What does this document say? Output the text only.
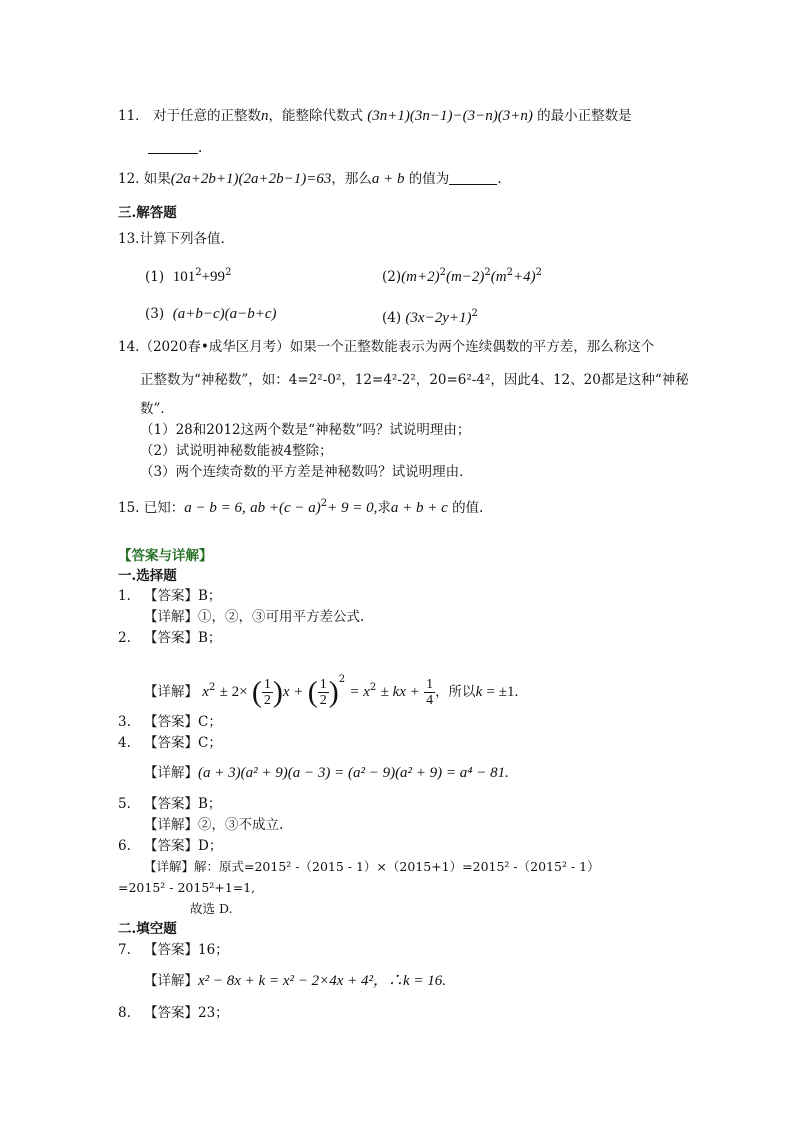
11． 对于任意的正整数n，能整除代数式 (3n+1)(3n−1)−(3−n)(3+n) 的最小正整数是
.
12. 如果(2a+2b+1)(2a+2b−1)=63，那么a + b 的值为	.
三.解答题
13.计算下列各值.
(1) $101^2+99^2$	$(2)(m+2)^2(m-2)^2(m^2+4)^2$
(3) (a+b−c)(a−b+c)	(4) $(3x-2y+1)^2$
14.（2020春•成华区月考）如果一个正整数能表示为两个连续偶数的平方差，那么称这个
正整数为“神秘数”，如：4=2²-0²，12=4²-2²，20=6²-4²，因此4、12、20都是这种“神秘
数”．
（1）28和2012这两个数是“神秘数”吗？试说明理由；
（2）试说明神秘数能被4整除；
（3）两个连续奇数的平方差是神秘数吗？试说明理由．
15. 已知：a − b = 6, ab $+(c - a)^2+ 9 = 0$,求a + b + c 的值.
【答案与详解】
一.选择题
1. 【答案】B；
【详解】①，②，③可用平方差公式.
2. 【答案】B；
【详解】 $x^2 \pm 2\times$ ( $\frac{1}{2} )x$ + ( $\frac{1}{2} )^2 = x^2$ ± kx + $\frac{1}{4}$ ，所以k = ±1.
3. 【答案】C；
4. 【答案】C；
【详解】(a + 3)(a² + 9)(a − 3) = (a² − 9)(a² + 9) = a⁴ − 81.
5. 【答案】B；
【详解】②，③不成立.
6. 【答案】D；
【详解】解：原式=2015² -（2015 - 1）×（2015+1）=2015² -（2015² - 1）
=2015² - 2015²+1=1,
故选 D.
二.填空题
7. 【答案】16；
【详解】x² − 8x + k = x² − 2×4x + 4²，∴k = 16.
8. 【答案】23；
